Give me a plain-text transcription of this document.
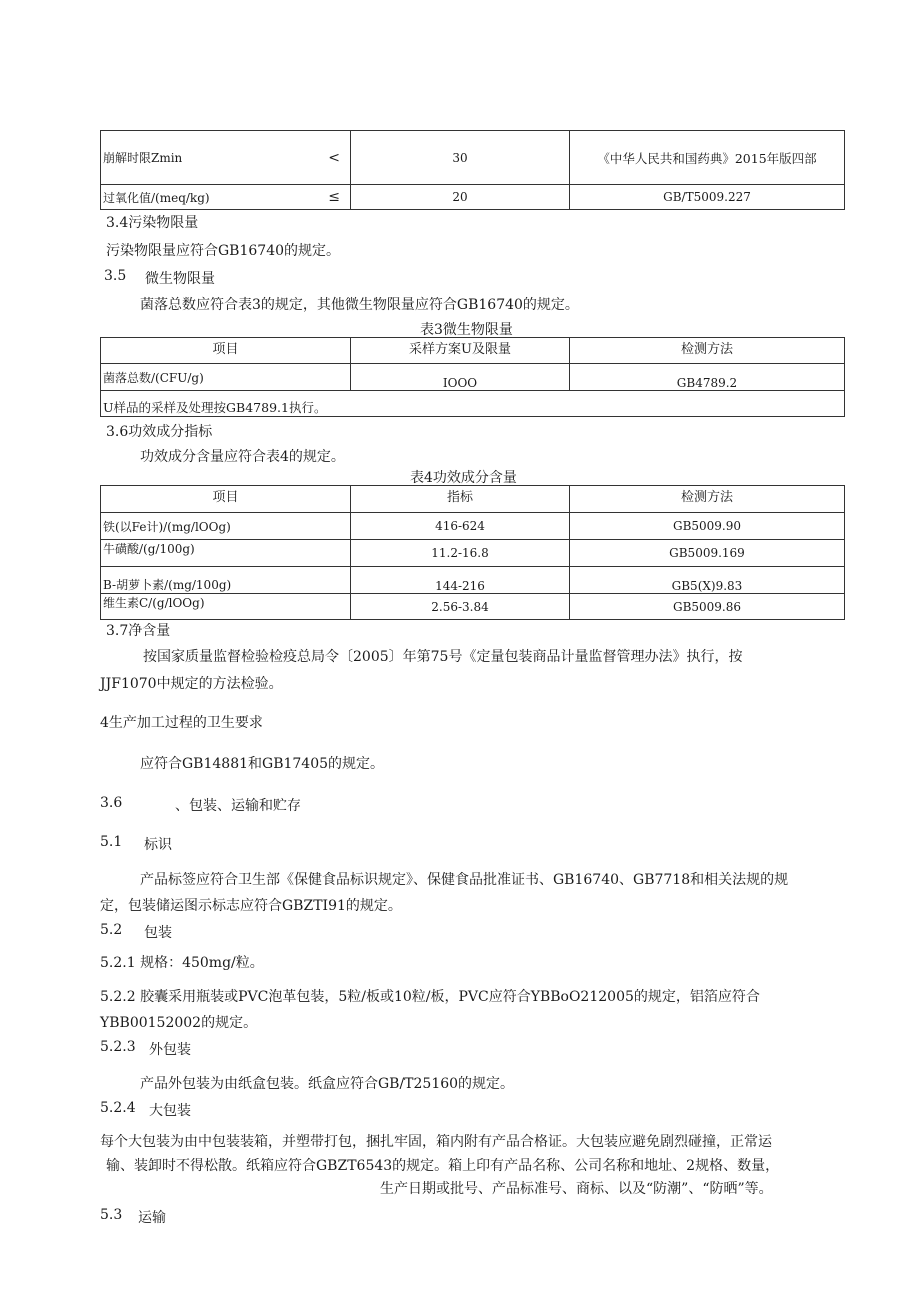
崩解时限Zmin <	30	《中华人民共和国药典》2015年版四部

过氧化值/(meq/kg) ≤	20	GB/T5009.227
3.4污染物限量
污染物限量应符合GB16740的规定。
3.5 微生物限量
菌落总数应符合表3的规定，其他微生物限量应符合GB16740的规定。
表3微生物限量
项目	采样方案U及限量	检测方法
菌落总数/(CFU/g)	IOOO	GB4789.2
U样品的采样及处理按GB4789.1执行。		
3.6功效成分指标
功效成分含量应符合表4的规定。
表4功效成分含量
项目	指标	检测方法
铁(以Fe计)/(mg/lOOg)	416-624	GB5009.90
牛磺酸/(g/100g)	11.2-16.8	GB5009.169
B-胡萝卜素/(mg/100g)	144-216	GB5(X)9.83
维生素C/(g/lOOg)	2.56-3.84	GB5009.86
3.7净含量
按国家质量监督检验检疫总局令〔2005〕年第75号《定量包装商品计量监督管理办法》执行，按
JJF1070中规定的方法检验。
4生产加工过程的卫生要求
应符合GB14881和GB17405的规定。
3.6	、包装、运输和贮存
5.1 标识
产品标签应符合卫生部《保健食品标识规定》、保健食品批准证书、GB16740、GB7718和相关法规的规
定，包装储运图示标志应符合GBZTI91的规定。
5.2 包装
5.2.1 规格：450mg/粒。
5.2.2 胶囊采用瓶装或PVC泡革包装，5粒/板或10粒/板，PVC应符合YBBoO212005的规定，铝箔应符合
YBB00152002的规定。
5.2.3 外包装
产品外包装为由纸盒包装。纸盒应符合GB/T25160的规定。
5.2.4 大包装
每个大包装为由中包装装箱，并塑带打包，捆扎牢固，箱内附有产品合格证。大包装应避免剧烈碰撞，正常运
输、装卸时不得松散。纸箱应符合GBZT6543的规定。箱上印有产品名称、公司名称和地址、2规格、数量，
生产日期或批号、产品标准号、商标、以及“防潮”、“防晒”等。
5.3 运输
